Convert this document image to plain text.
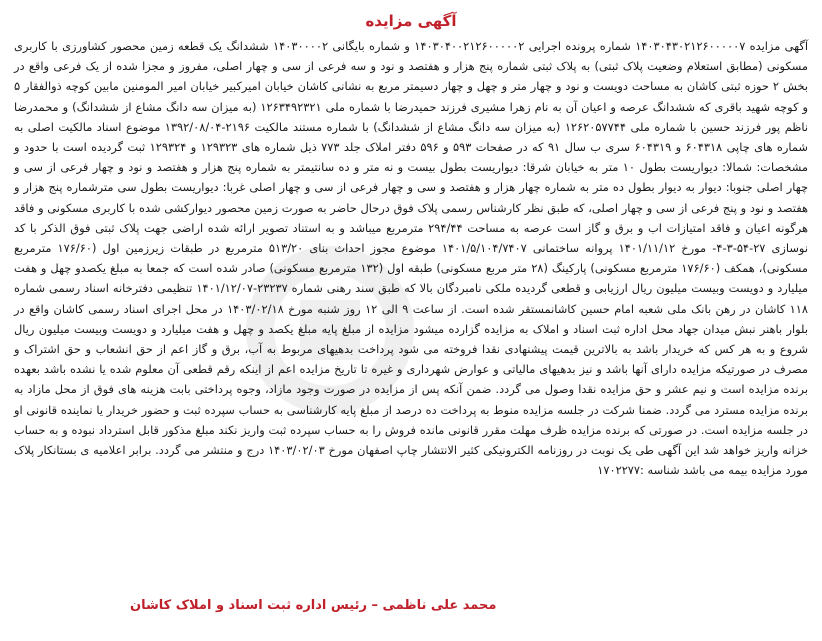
آگهی مزایده

آگهی مزایده ۱۴۰۳۰۴۳۰۲۱۲۶۰۰۰۰۰۷ شماره پرونده اجرایی ۱۴۰۳۰۴۰۰۲۱۲۶۰۰۰۰۰۲ و شماره بایگانی ۱۴۰۳۰۰۰۰۲ ششدانگ یک قطعه زمین محصور کشاورزی با کاربری مسکونی (مطابق استعلام وضعیت پلاک ثبتی) به پلاک ثبتی شماره پنج هزار و هفتصد و نود و سه فرعی از سی و چهار اصلی، مفروز و مجزا شده از یک فرعی واقع در بخش ۲ حوزه ثبتی کاشان به مساحت دویست و نود و چهار متر و چهل و چهار دسیمتر مربع به نشانی کاشان خیابان امیرکبیر خیابان امیر المومنین مابین کوچه ذوالفقار ۵ و کوچه شهید باقری که ششدانگ عرصه و اعیان آن به نام زهرا مشیری فرزند حمیدرضا با شماره ملی ۱۲۶۳۴۹۲۳۲۱ (به میزان سه دانگ مشاع از ششدانگ) و محمدرضا ناظم پور فرزند حسین با شماره ملی ۱۲۶۲۰۵۷۷۴۴ (به میزان سه دانگ مشاع از ششدانگ) با شماره مستند مالکیت ۲۱۹۶-۱۳۹۲/۰۸/۰۴ موضوع اسناد مالکیت اصلی به شماره های چاپی ۶۰۴۳۱۸ و ۶۰۴۳۱۹ سری ب سال ۹۱ که در صفحات ۵۹۳ و ۵۹۶ دفتر املاک جلد ۷۷۳ ذیل شماره های ۱۲۹۳۲۳ و ۱۲۹۳۲۴ ثبت گردیده است با حدود و مشخصات: شمالا: دیواریست بطول ۱۰ متر به خیابان شرقا: دیواریست بطول بیست و نه متر و ده سانتیمتر به شماره پنج هزار و هفتصد و نود و چهار فرعی از سی و چهار اصلی جنوبا: دیوار به دیوار بطول ده متر به شماره چهار هزار و هفتصد و سی و چهار فرعی از سی و چهار اصلی غربا: دیواریست بطول سی مترشماره پنج هزار و هفتصد و نود و پنج فرعی از سی و چهار اصلی، که طبق نظر کارشناس رسمی پلاک فوق درحال حاضر به صورت زمین محصور دیوارکشی شده با کاربری مسکونی و فاقد هرگونه اعیان و فاقد امتیازات اب و برق و گاز است عرصه به مساحت ۲۹۴/۴۴ مترمربع میباشد و به استناد تصویر ارائه شده اراضی جهت پلاک ثبتی فوق الذکر با کد نوسازی ۲۷-۵۴-۳-۴- مورخ ۱۴۰۱/۱۱/۱۲ پروانه ساختمانی ۱۴۰۱/۵/۱۰۴/۷۴۰۷ موضوع مجوز احداث بنای ۵۱۳/۲۰ مترمربع در طبقات زیرزمین اول (۱۷۶/۶۰ مترمربع مسکونی)، همکف (۱۷۶/۶۰ مترمربع مسکونی) پارکینگ (۲۸ متر مربع مسکونی) طبقه اول (۱۳۲ مترمربع مسکونی) صادر شده است که جمعا به مبلغ یکصدو چهل و هفت میلیارد و دویست وبیست میلیون ریال ارزیابی و قطعی گردیده ملکی نامبردگان بالا که طبق سند رهنی شماره ۲۳۲۳۷-۱۴۰۱/۱۲/۰۷ تنظیمی دفترخانه اسناد رسمی شماره ۱۱۸ کاشان در رهن بانک ملی شعبه امام حسین کاشانمستقر شده است. از ساعت ۹ الی ۱۲ روز شنبه مورخ ۱۴۰۳/۰۲/۱۸ در محل اجرای اسناد رسمی کاشان واقع در بلوار باهنر نبش میدان جهاد محل اداره ثبت اسناد و املاک به مزایده گزارده میشود مزایده از مبلغ پایه مبلغ یکصد و چهل و هفت میلیارد و دویست وبیست میلیون ریال شروع و به هر کس که خریدار باشد به بالاترین قیمت پیشنهادی نقدا فروخته می شود پرداخت بدهیهای مربوط به آب، برق و گاز اعم از حق انشعاب و حق اشتراک و مصرف در صورتیکه مزایده دارای آنها باشد و نیز بدهیهای مالیاتی و عوارض شهرداری و غیره تا تاریخ مزایده اعم از اینکه رقم قطعی آن معلوم شده یا نشده باشد بعهده برنده مزایده است و نیم عشر و حق مزایده نقدا وصول می گردد. ضمن آنکه پس از مزایده در صورت وجود مازاد، وجوه پرداختی بابت هزینه های فوق از محل مازاد به برنده مزایده مسترد می گردد. ضمنا شرکت در جلسه مزایده منوط به پرداخت ده درصد از مبلغ پایه کارشناسی به حساب سپرده ثبت و حضور خریدار یا نماینده قانونی او در جلسه مزایده است. در صورتی که برنده مزایده ظرف مهلت مقرر قانونی مانده فروش را به حساب سپرده ثبت واریز نکند مبلغ مذکور قابل استرداد نبوده و به حساب خزانه واریز خواهد شد این آگهی طی یک نوبت در روزنامه الکترونیکی کثیر الانتشار چاپ اصفهان مورخ ۱۴۰۳/۰۲/۰۳ درج و منتشر می گردد. برابر اعلامیه ی بستانکار پلاک مورد مزایده بیمه می باشد شناسه :۱۷۰۲۲۷۷

محمد علی ناظمی – رئیس اداره ثبت اسناد و املاک کاشان
